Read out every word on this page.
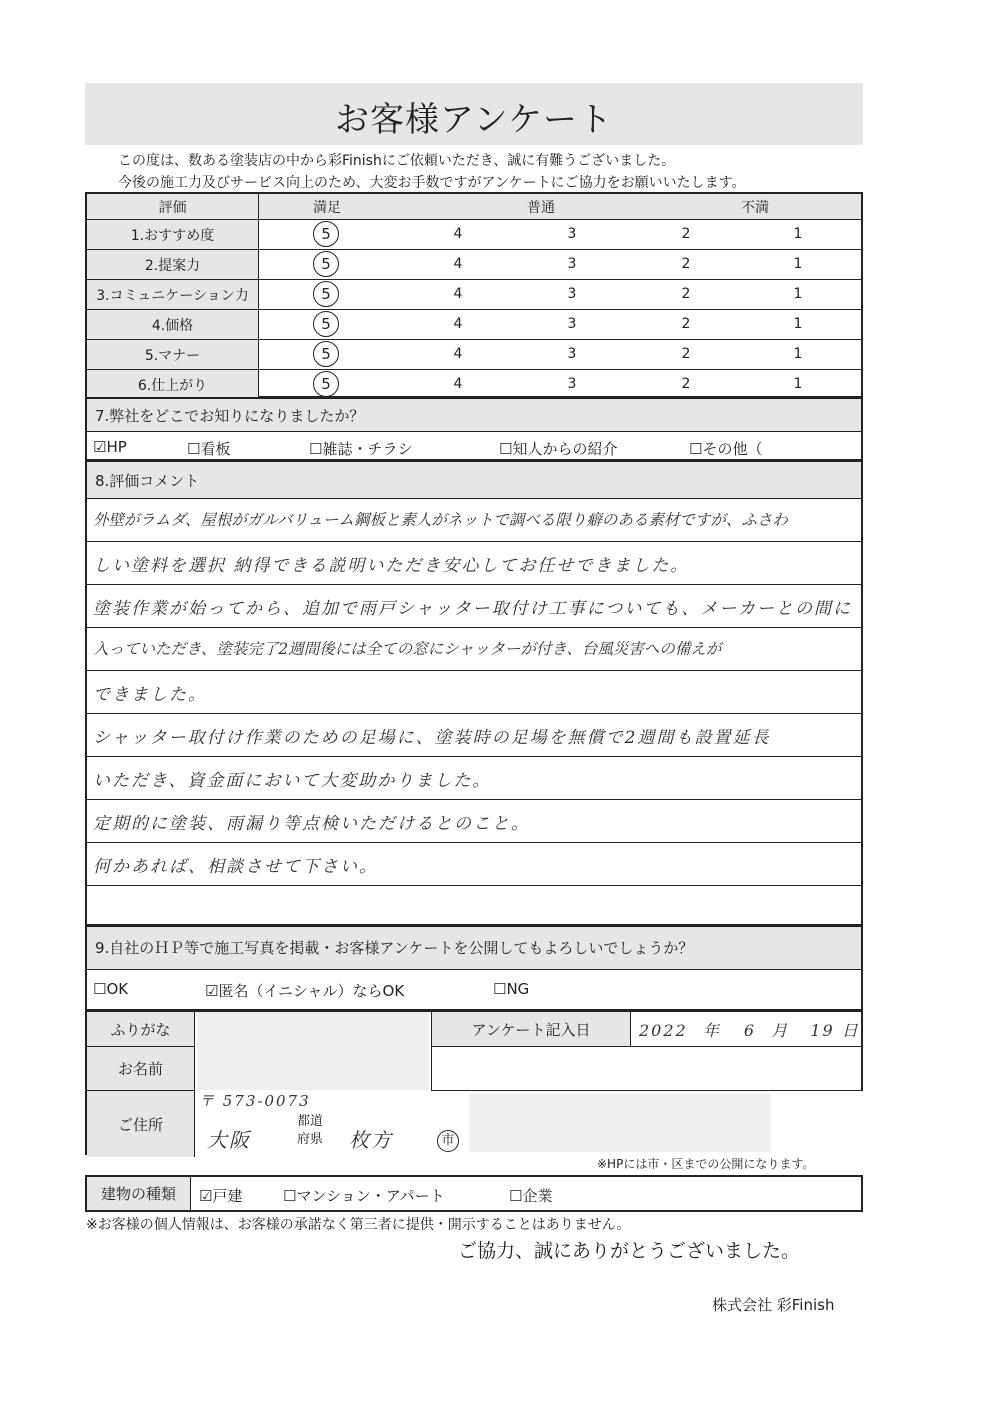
お客様アンケート
この度は、数ある塗装店の中から彩Finishにご依頼いただき、誠に有難うございました。
今後の施工力及びサービス向上のため、大変お手数ですがアンケートにご協力をお願いいたします。
評価	満足	普通	不満
1.おすすめ度	5	4	3	2	1
2.提案力	5	4	3	2	1
3.コミュニケーション力	5	4	3	2	1
4.価格	5	4	3	2	1
5.マナー	5	4	3	2	1
6.仕上がり	5	4	3	2	1
7.弊社をどこでお知りになりましたか？
☑HP	☐看板	☐雑誌・チラシ	☐知人からの紹介	☐その他（
8.評価コメント
外壁がラムダ、屋根がガルバリューム鋼板と素人がネットで調べる限り癖のある素材ですが、ふさわ
しい塗料を選択 納得できる説明いただき安心してお任せできました。
塗装作業が始ってから、追加で雨戸シャッター取付け工事についても、メーカーとの間に
入っていただき、塗装完了2週間後には全ての窓にシャッターが付き、台風災害への備えが
できました。
シャッター取付け作業のための足場に、塗装時の足場を無償で2週間も設置延長
いただき、資金面において大変助かりました。
定期的に塗装、雨漏り等点検いただけるとのこと。
何かあれば、相談させて下さい。
9.自社のＨＰ等で施工写真を掲載・お客様アンケートを公開してもよろしいでしょうか？
☐OK	☑匿名（イニシャル）ならOK	☐NG
ふりがな
お名前
ご住所
アンケート記入日	2022 年 6 月 19 日
〒 573-0073
大阪
都道
府県 枚方	市
※HPには市・区までの公開になります。
建物の種類	☑戸建	☐マンション・アパート	☐企業
※お客様の個人情報は、お客様の承諾なく第三者に提供・開示することはありません。
ご協力、誠にありがとうございました。
株式会社 彩Finish
